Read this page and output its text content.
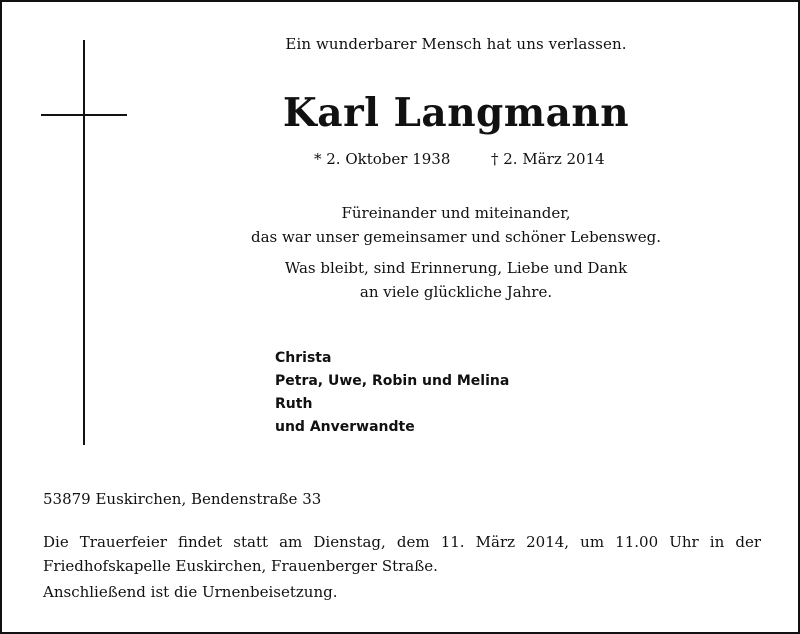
Ein wunderbarer Mensch hat uns verlassen.
Karl Langmann
* 2. Oktober 1938	† 2. März 2014
Füreinander und miteinander,
das war unser gemeinsamer und schöner Lebensweg.
Was bleibt, sind Erinnerung, Liebe und Dank
an viele glückliche Jahre.
Christa
Petra, Uwe, Robin und Melina
Ruth
und Anverwandte
53879 Euskirchen, Bendenstraße 33
Die Trauerfeier findet statt am Dienstag, dem 11. März 2014, um 11.00 Uhr in der Friedhofskapelle Euskirchen, Frauenberger Straße.
Anschließend ist die Urnenbeisetzung.
